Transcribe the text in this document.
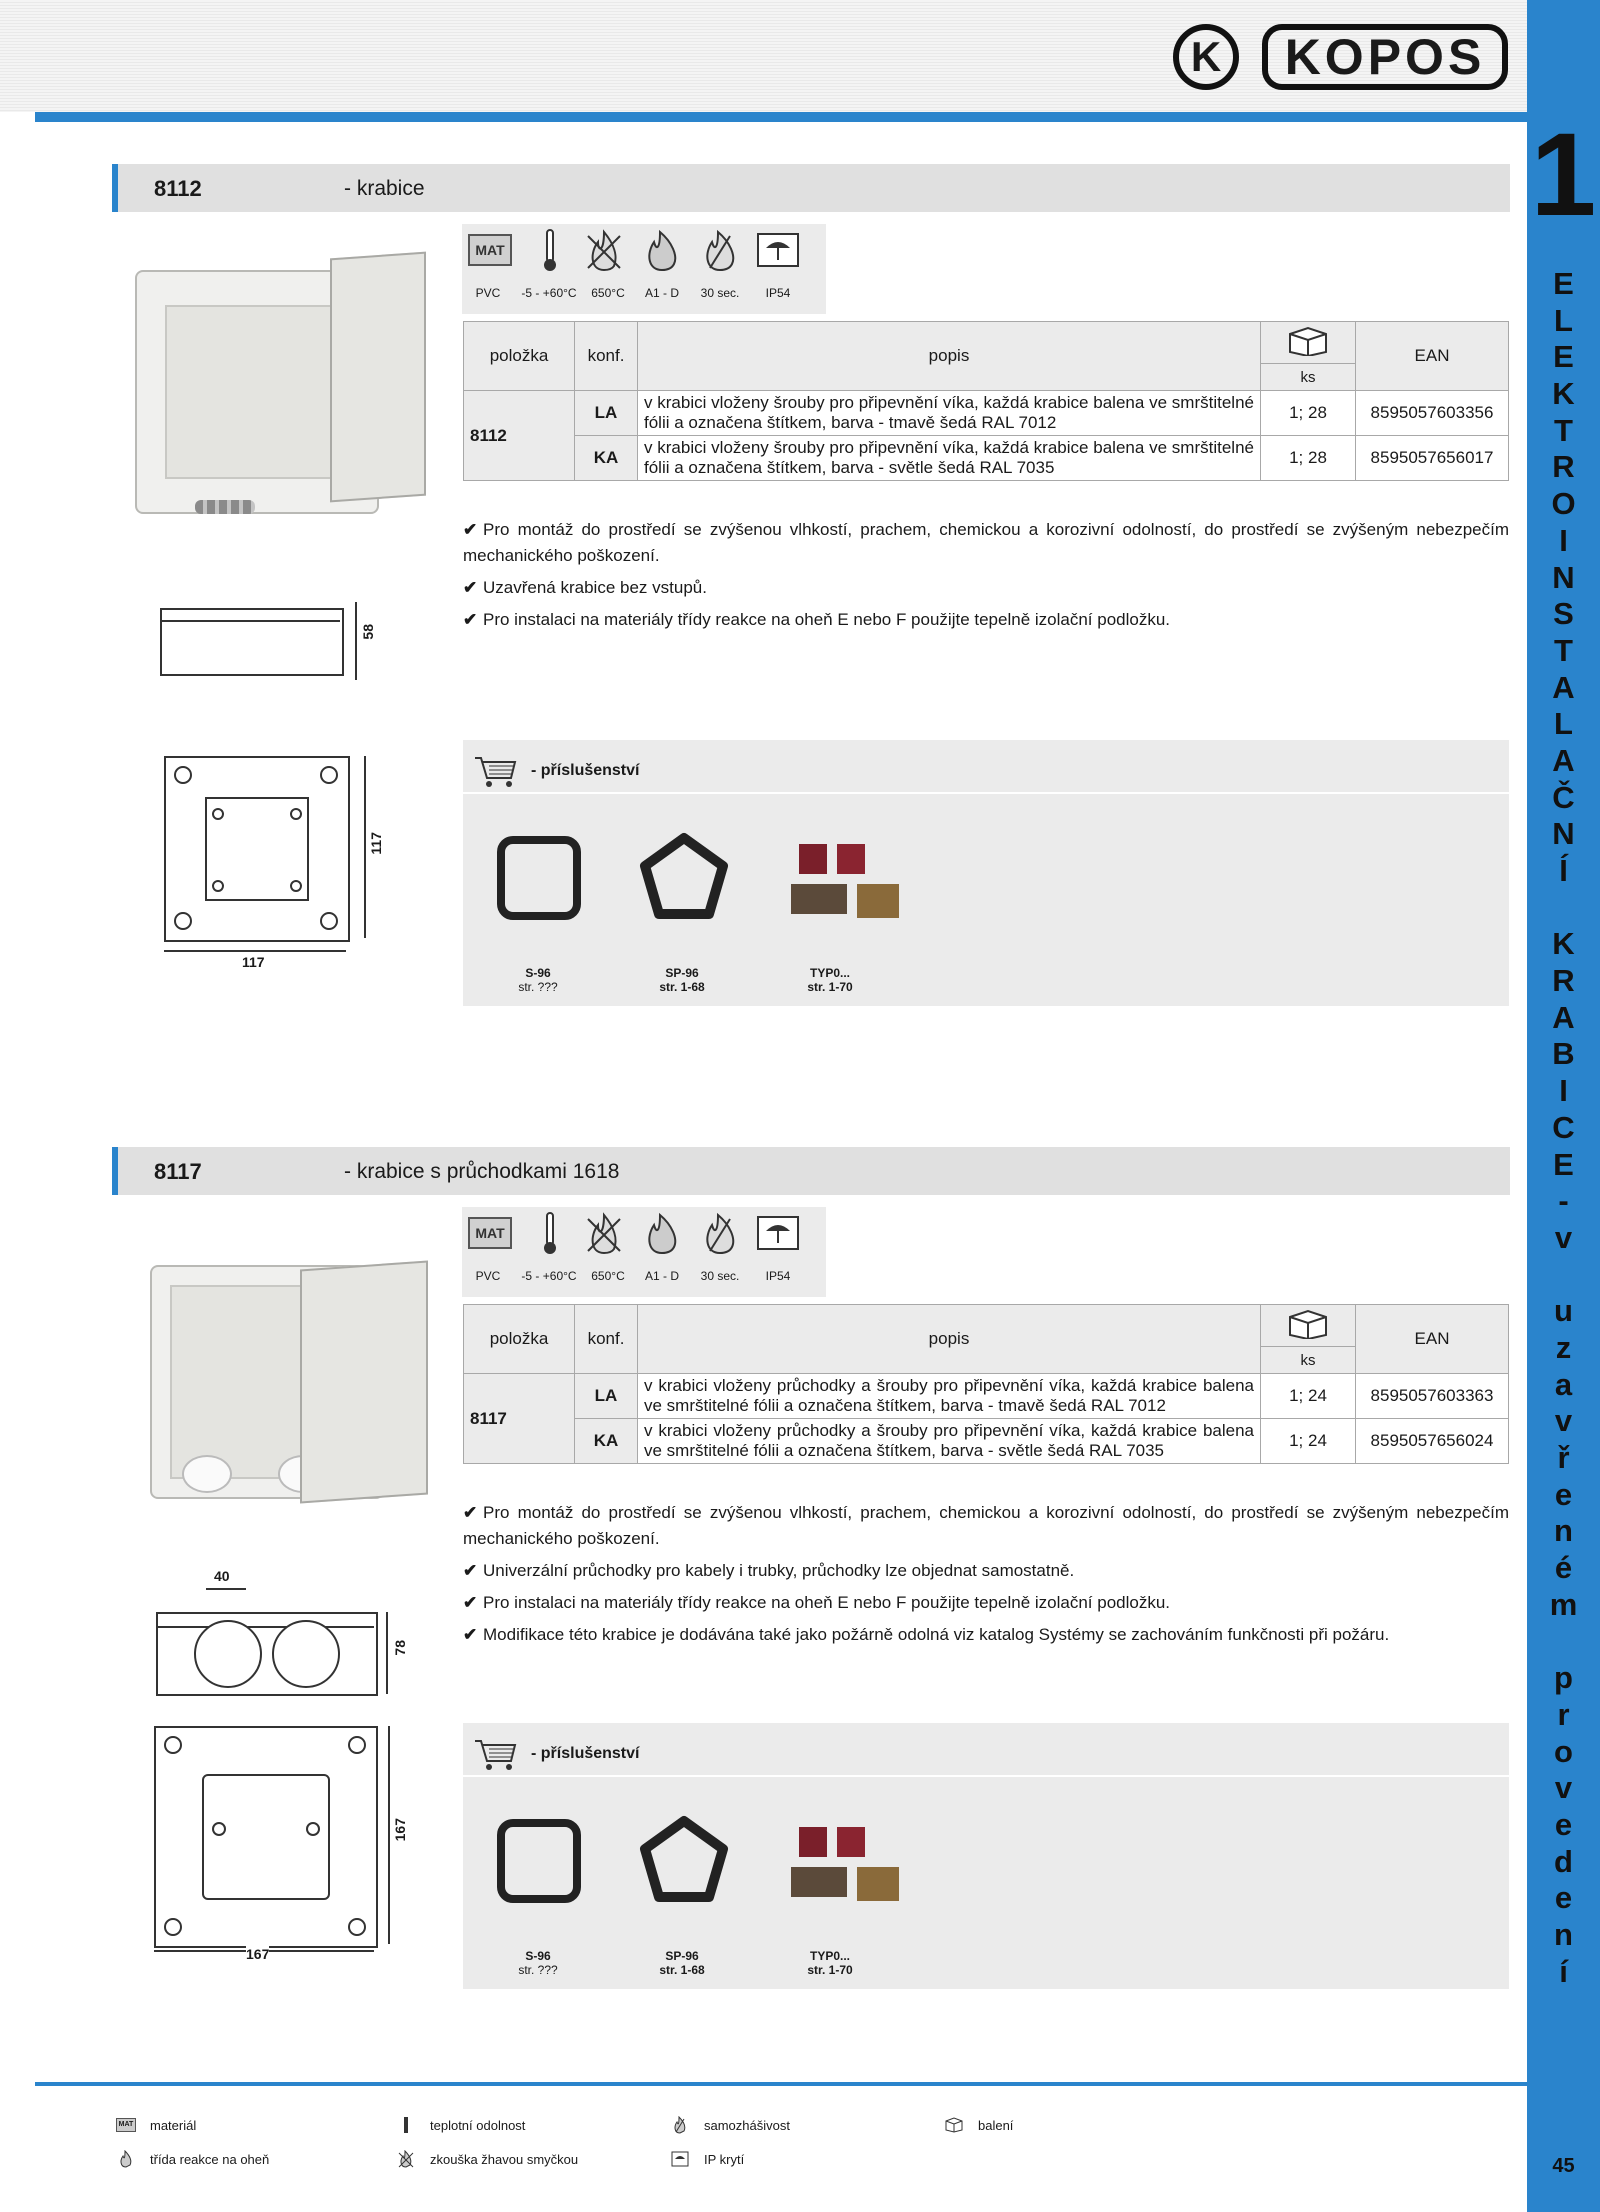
K	KOPOS
1
E
L
E
K
T
R
O
I
N
S
T
A
L
A
Č
N
Í
K
R
A
B
I
C
E
-
v
u
z
a
v
ř
e
n
é
m
p
r
o
v
e
d
e
n
í
45
8112	- krabice
58
117
117
MAT
PVC	-5 - +60°C	650°C	A1 - D	30 sec.	IP54
položka	konf.	popis		EAN
			ks	
8112	LA	v krabici vloženy šrouby pro připevnění víka, každá krabice balena ve smrštitelné fólii a označena štítkem, barva - tmavě šedá RAL 7012	1; 28	8595057603356
	KA	v krabici vloženy šrouby pro připevnění víka, každá krabice balena ve smrštitelné fólii a označena štítkem, barva - světle šedá RAL 7035	1; 28	8595057656017
✔ Pro montáž do prostředí se zvýšenou vlhkostí, prachem, chemickou a korozivní odolností, do prostředí se zvýšeným nebezpečím mechanického poškození.
✔ Uzavřená krabice bez vstupů.
✔ Pro instalaci na materiály třídy reakce na oheň E nebo F použijte tepelně izolační podložku.
- příslušenství
S-96
str. ???
SP-96
str. 1-68
TYP0...
str. 1-70
8117	- krabice s průchodkami 1618
40
78
167
167
MAT
PVC	-5 - +60°C	650°C	A1 - D	30 sec.	IP54
položka	konf.	popis		EAN
			ks	
8117	LA	v krabici vloženy průchodky a šrouby pro připevnění víka, každá krabice balena ve smrštitelné fólii a označena štítkem, barva - tmavě šedá RAL 7012	1; 24	8595057603363
	KA	v krabici vloženy průchodky a šrouby pro připevnění víka, každá krabice balena ve smrštitelné fólii a označena štítkem, barva - světle šedá RAL 7035	1; 24	8595057656024
✔ Pro montáž do prostředí se zvýšenou vlhkostí, prachem, chemickou a korozivní odolností, do prostředí se zvýšeným nebezpečím mechanického poškození.
✔ Univerzální průchodky pro kabely i trubky, průchodky lze objednat samostatně.
✔ Pro instalaci na materiály třídy reakce na oheň E nebo F použijte tepelně izolační podložku.
✔ Modifikace této krabice je dodávána také jako požárně odolná viz katalog Systémy se zachováním funkčnosti při požáru.
- příslušenství
S-96
str. ???
SP-96
str. 1-68
TYP0...
str. 1-70
MAT materiál	teplotní odolnost	samozhášivost	balení
třída reakce na oheň	zkouška žhavou smyčkou	IP krytí
